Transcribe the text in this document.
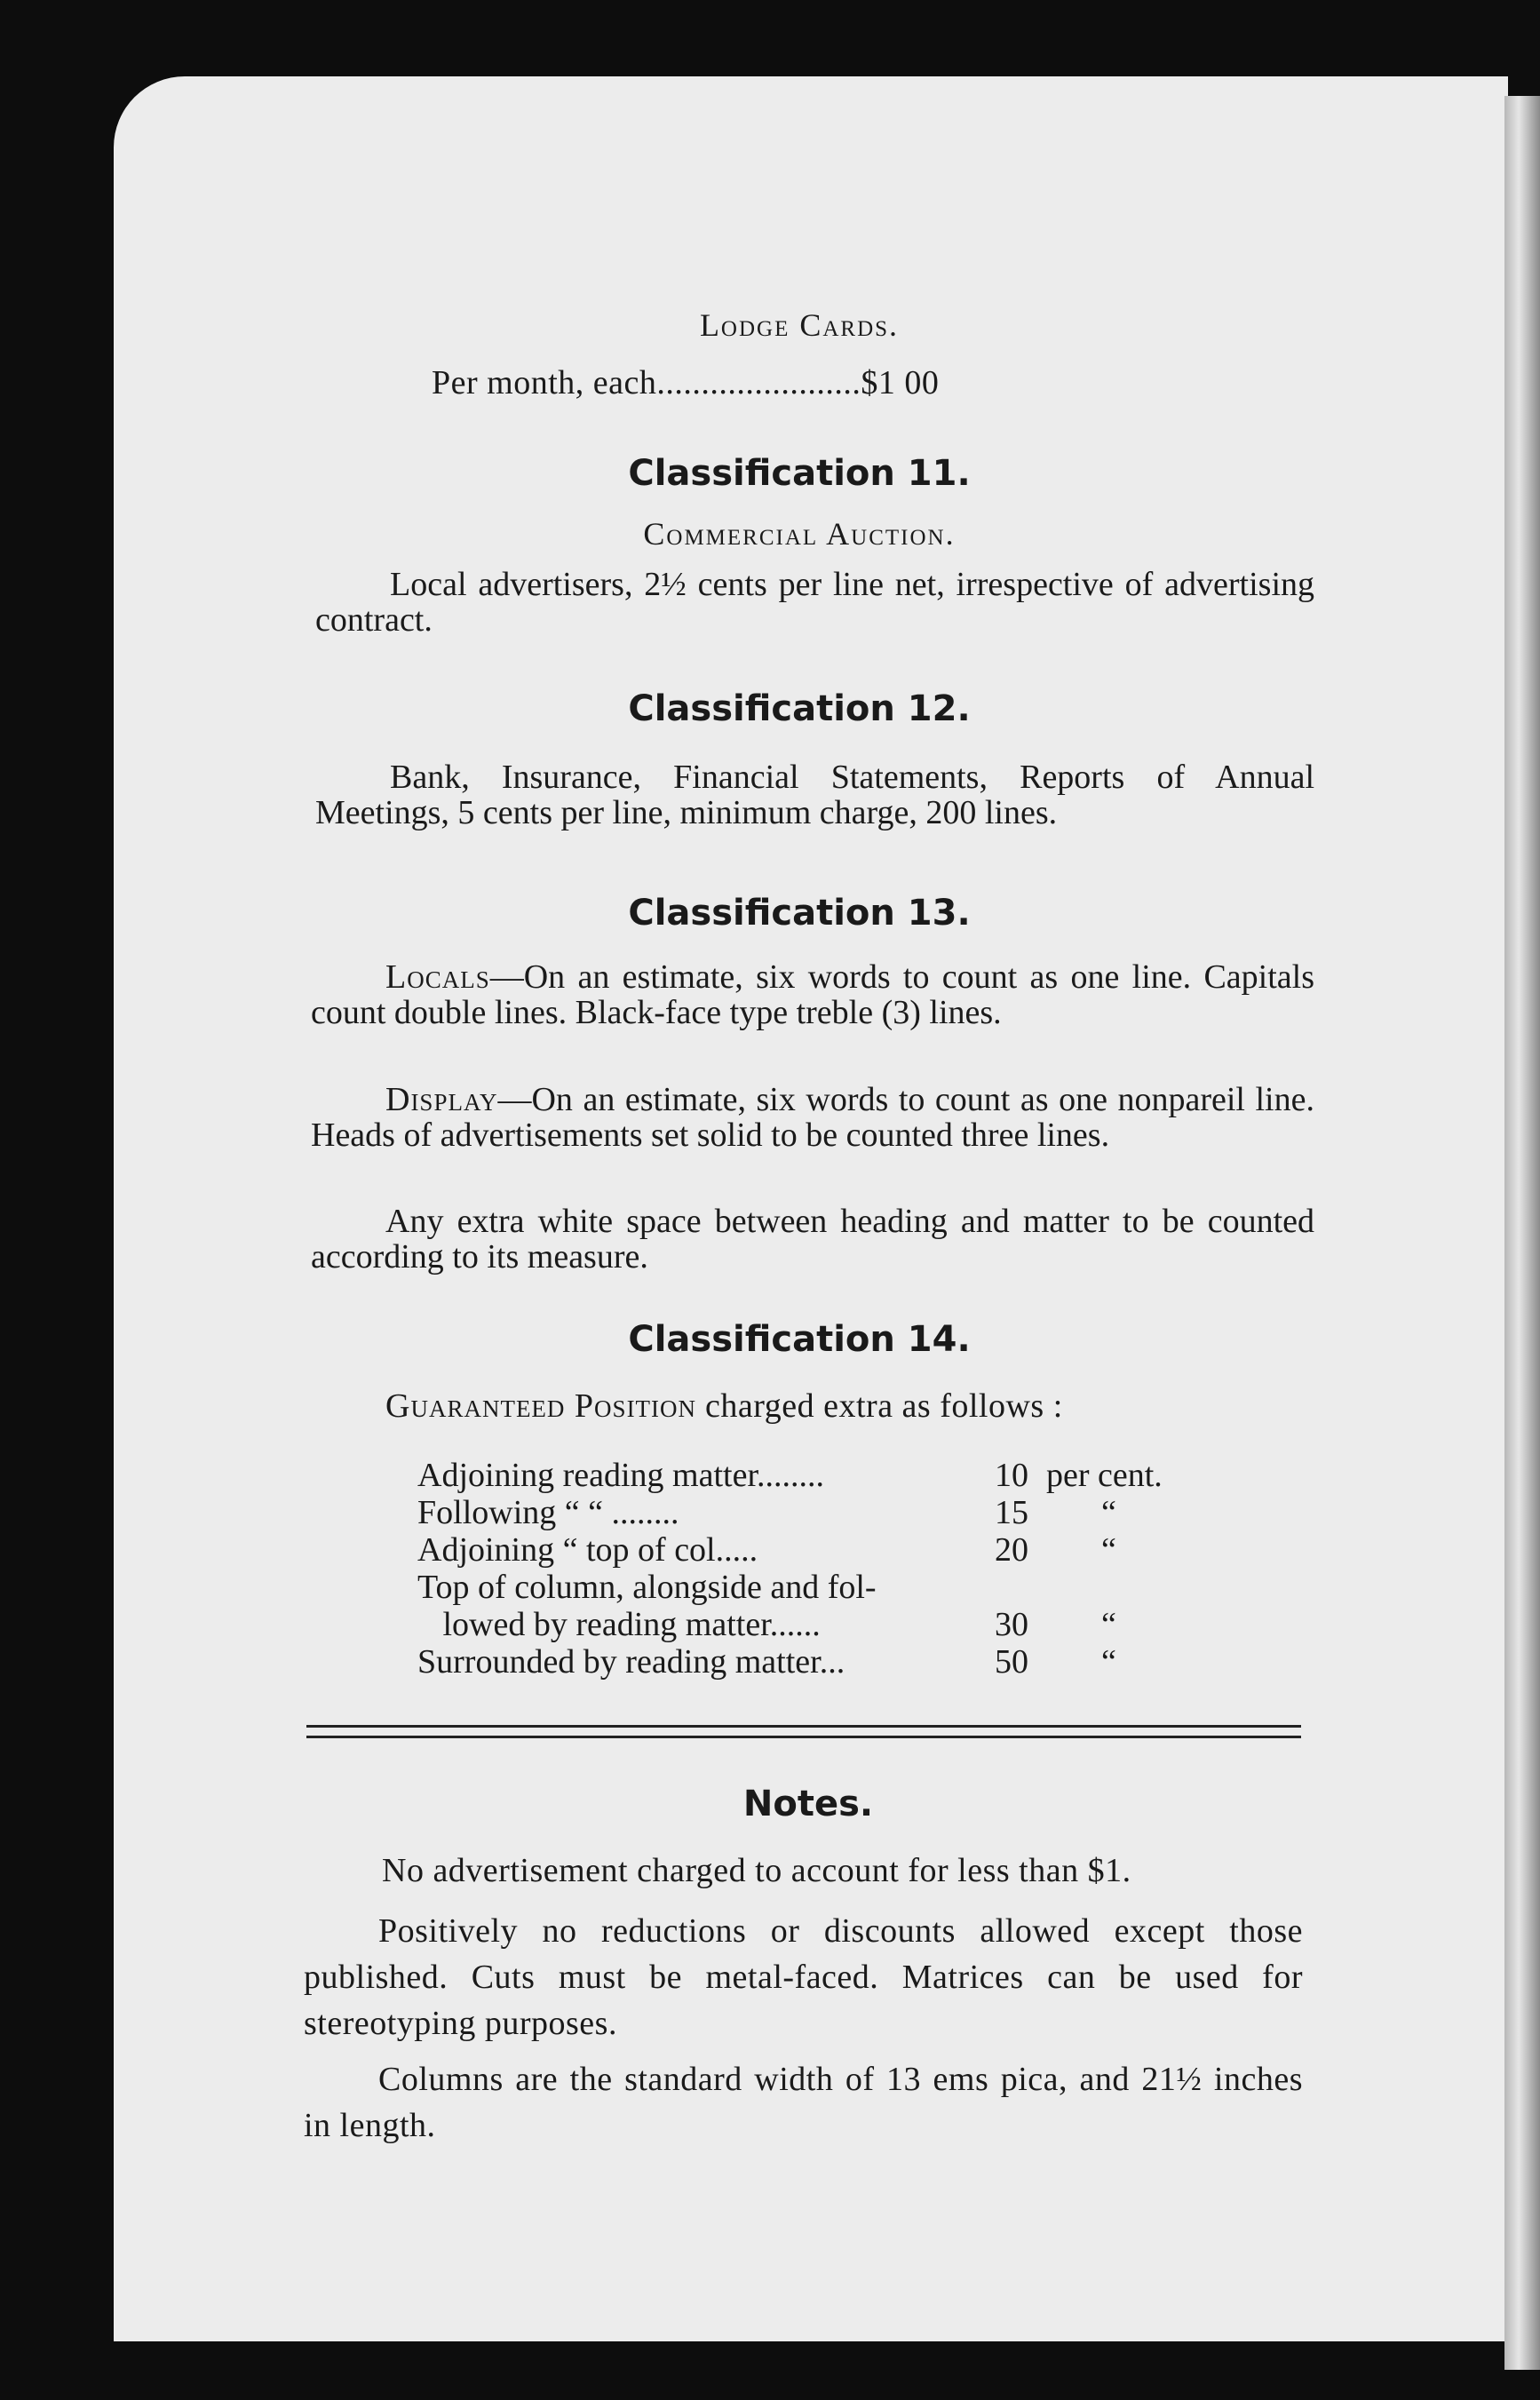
Lodge Cards.
Per month, each.......................$1 00
Classification 11.
Commercial Auction.
Local advertisers, 2½ cents per line net, irrespective of advertising contract.
Classification 12.
Bank, Insurance, Financial Statements, Reports of Annual Meetings, 5 cents per line, minimum charge, 200 lines.
Classification 13.
Locals—On an estimate, six words to count as one line. Capitals count double lines. Black-face type treble (3) lines.
Display—On an estimate, six words to count as one nonpareil line. Heads of advertisements set solid to be counted three lines.
Any extra white space between heading and matter to be counted according to its measure.
Classification 14.
Guaranteed Position charged extra as follows :
Adjoining reading matter........	10 per cent.
Following “ “ ........	15 “
Adjoining “ top of col.....	20 “
Top of column, alongside and fol-
lowed by reading matter......	30 “
Surrounded by reading matter...	50 “
Notes.
No advertisement charged to account for less than $1.
Positively no reductions or discounts allowed except those published. Cuts must be metal-faced. Matrices can be used for stereotyping purposes.
Columns are the standard width of 13 ems pica, and 21½ inches in length.
